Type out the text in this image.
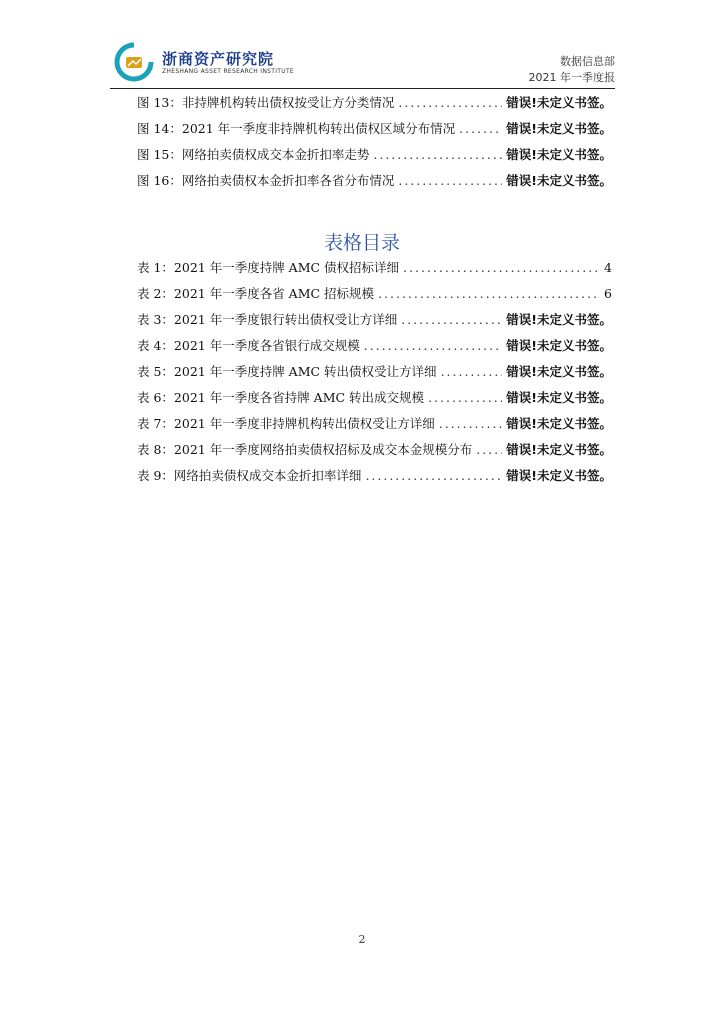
浙商资产研究院
ZHESHANG ASSET RESEARCH INSTITUTE
数据信息部
2021 年一季度报
图 13：非持牌机构转出债权按受让方分类情况 .....	错误!未定义书签。
图 14：2021 年一季度非持牌机构转出债权区域分布情况 .....	错误!未定义书签。
图 15：网络拍卖债权成交本金折扣率走势 .....	错误!未定义书签。
图 16：网络拍卖债权本金折扣率各省分布情况 .....	错误!未定义书签。
表格目录
表 1：2021 年一季度持牌 AMC 债权招标详细 .....	4
表 2：2021 年一季度各省 AMC 招标规模 .....	6
表 3：2021 年一季度银行转出债权受让方详细 .....	错误!未定义书签。
表 4：2021 年一季度各省银行成交规模 .....	错误!未定义书签。
表 5：2021 年一季度持牌 AMC 转出债权受让方详细 .....	错误!未定义书签。
表 6：2021 年一季度各省持牌 AMC 转出成交规模 .....	错误!未定义书签。
表 7：2021 年一季度非持牌机构转出债权受让方详细 .....	错误!未定义书签。
表 8：2021 年一季度网络拍卖债权招标及成交本金规模分布 .....	错误!未定义书签。
表 9：网络拍卖债权成交本金折扣率详细 .....	错误!未定义书签。
2
